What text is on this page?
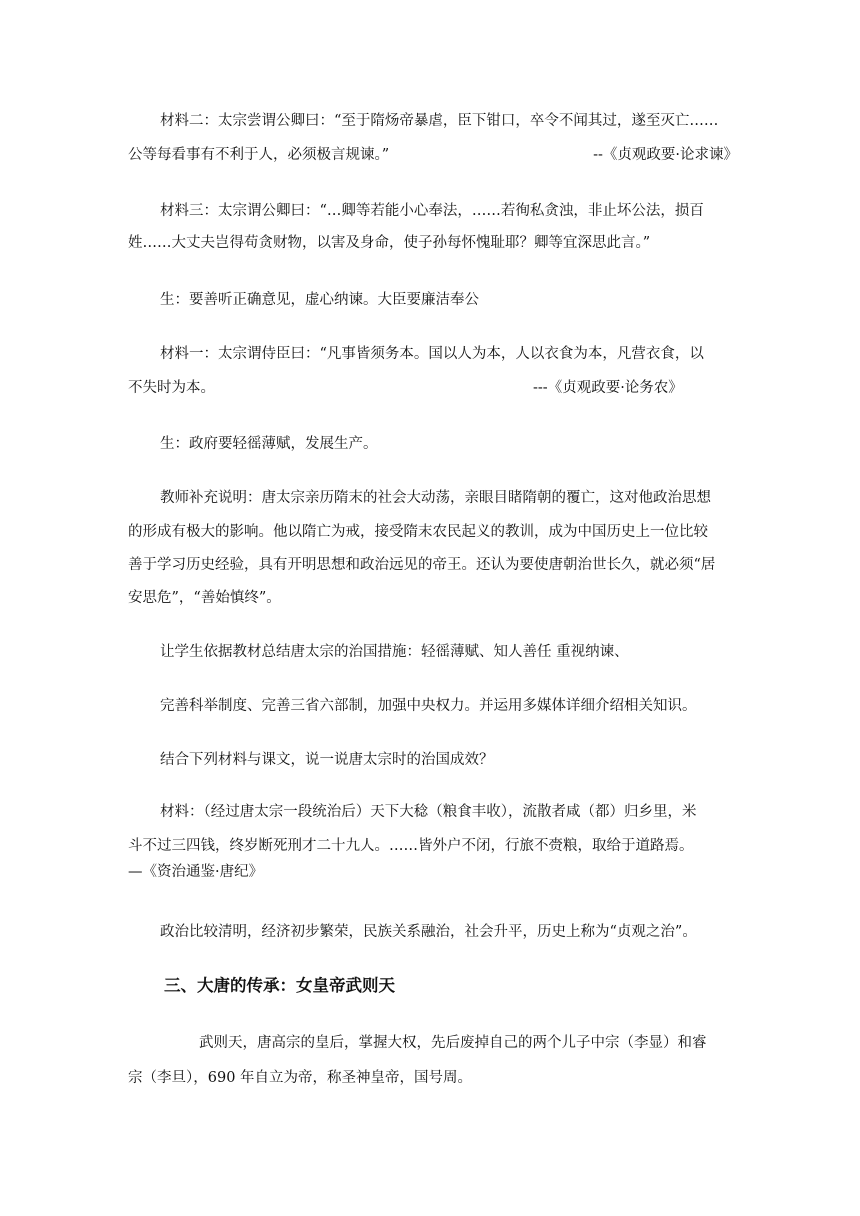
材料二：太宗尝谓公卿曰：“至于隋炀帝暴虐，臣下钳口，卒令不闻其过，遂至灭亡……
公等每看事有不利于人，必须极言规谏。”	--《贞观政要·论求谏》
材料三：太宗谓公卿曰：“…卿等若能小心奉法，……若徇私贪浊，非止坏公法，损百
姓……大丈夫岂得苟贪财物，以害及身命，使子孙每怀愧耻耶？卿等宜深思此言。”
生：要善听正确意见，虚心纳谏。大臣要廉洁奉公
材料一：太宗谓侍臣曰：“凡事皆须务本。国以人为本，人以衣食为本，凡营衣食，以
不失时为本。	---《贞观政要·论务农》
生：政府要轻徭薄赋，发展生产。
教师补充说明：唐太宗亲历隋末的社会大动荡，亲眼目睹隋朝的覆亡，这对他政治思想
的形成有极大的影响。他以隋亡为戒，接受隋末农民起义的教训，成为中国历史上一位比较
善于学习历史经验，具有开明思想和政治远见的帝王。还认为要使唐朝治世长久，就必须“居
安思危”，“善始慎终”。
让学生依据教材总结唐太宗的治国措施：轻徭薄赋、知人善任 重视纳谏、
完善科举制度、完善三省六部制，加强中央权力。并运用多媒体详细介绍相关知识。
结合下列材料与课文，说一说唐太宗时的治国成效？
材料：（经过唐太宗一段统治后）天下大稔（粮食丰收），流散者咸（都）归乡里，米
斗不过三四钱，终岁断死刑才二十九人。……皆外户不闭，行旅不赍粮，取给于道路焉。
—《资治通鉴·唐纪》
政治比较清明，经济初步繁荣，民族关系融治，社会升平，历史上称为“贞观之治”。
三、大唐的传承：女皇帝武则天
武则天，唐高宗的皇后，掌握大权，先后废掉自己的两个儿子中宗（李显）和睿
宗（李旦），690 年自立为帝，称圣神皇帝，国号周。
